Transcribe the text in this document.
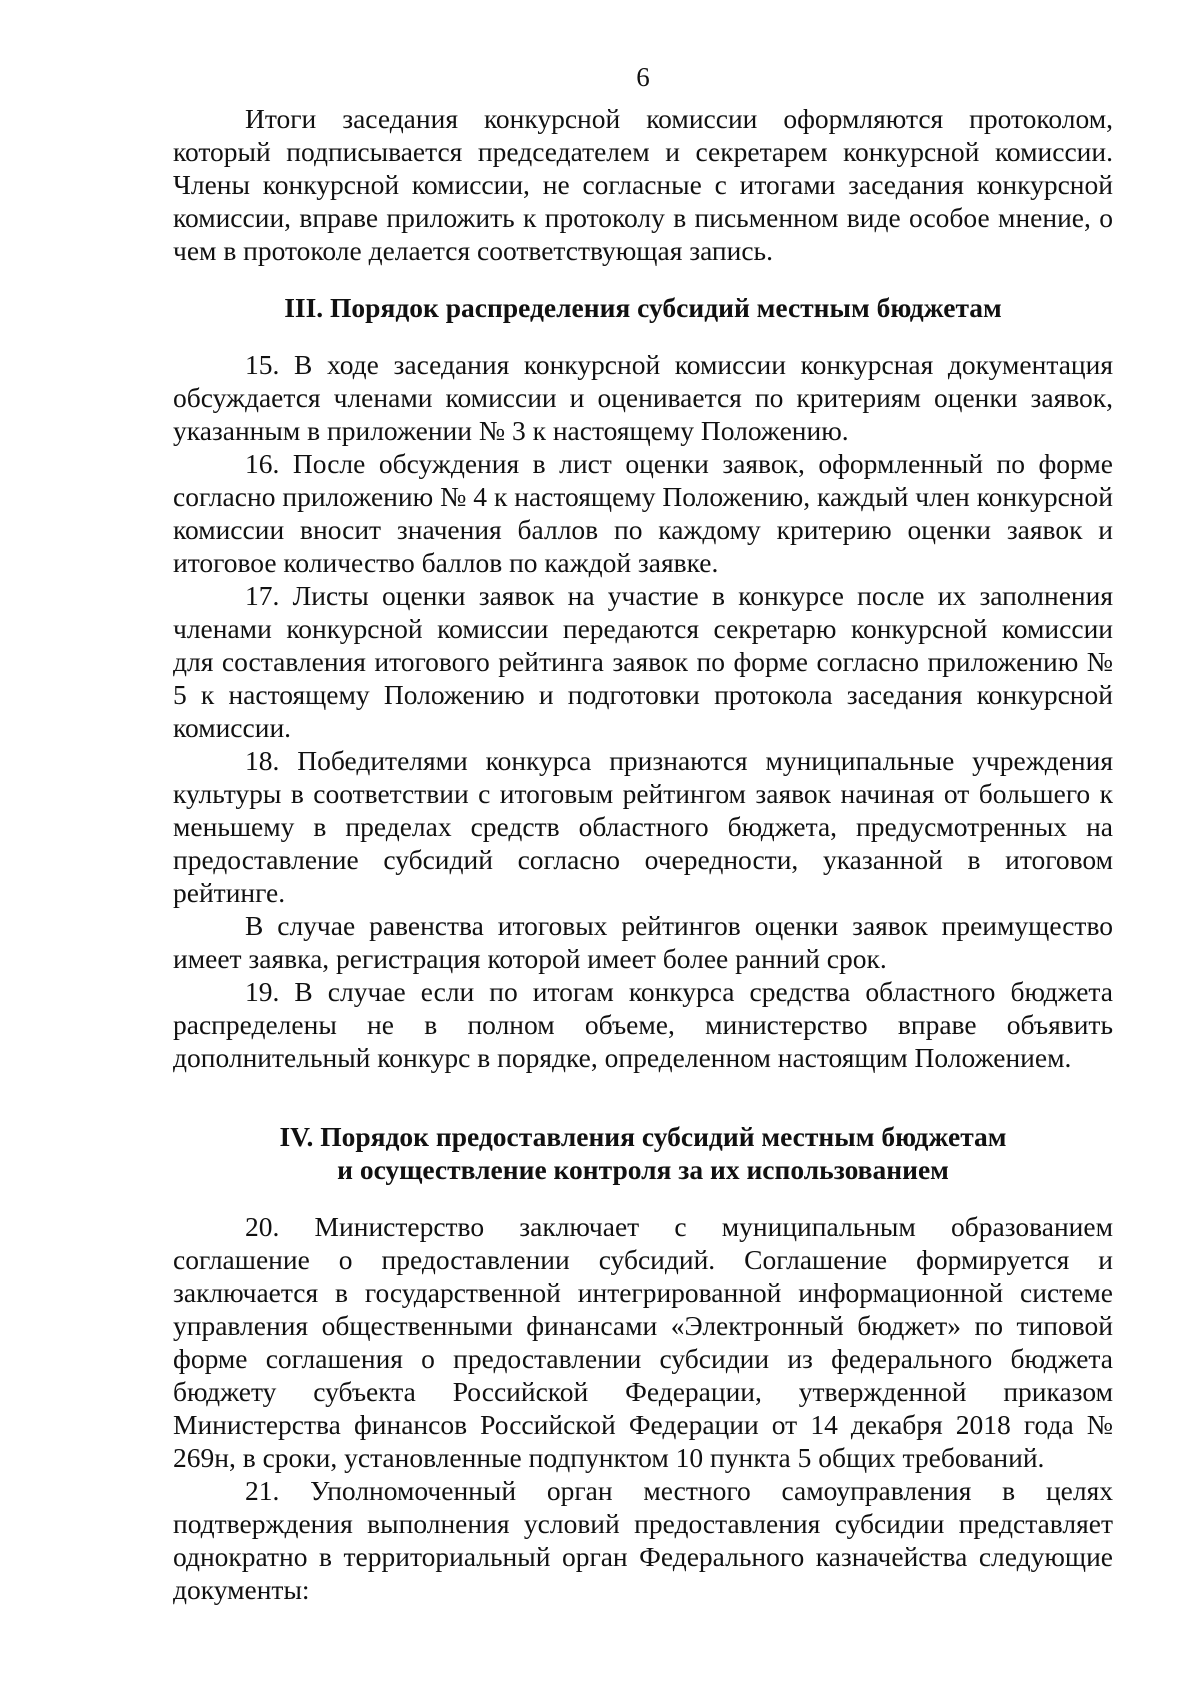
6

Итоги заседания конкурсной комиссии оформляются протоколом, который подписывается председателем и секретарем конкурсной комиссии. Члены конкурсной комиссии, не согласные с итогами заседания конкурсной комиссии, вправе приложить к протоколу в письменном виде особое мнение, о чем в протоколе делается соответствующая запись.

III. Порядок распределения субсидий местным бюджетам

15. В ходе заседания конкурсной комиссии конкурсная документация обсуждается членами комиссии и оценивается по критериям оценки заявок, указанным в приложении № 3 к настоящему Положению.

16. После обсуждения в лист оценки заявок, оформленный по форме согласно приложению № 4 к настоящему Положению, каждый член конкурсной комиссии вносит значения баллов по каждому критерию оценки заявок и итоговое количество баллов по каждой заявке.

17. Листы оценки заявок на участие в конкурсе после их заполнения членами конкурсной комиссии передаются секретарю конкурсной комиссии для составления итогового рейтинга заявок по форме согласно приложению № 5 к настоящему Положению и подготовки протокола заседания конкурсной комиссии.

18. Победителями конкурса признаются муниципальные учреждения культуры в соответствии с итоговым рейтингом заявок начиная от большего к меньшему в пределах средств областного бюджета, предусмотренных на предоставление субсидий согласно очередности, указанной в итоговом рейтинге.

В случае равенства итоговых рейтингов оценки заявок преимущество имеет заявка, регистрация которой имеет более ранний срок.

19. В случае если по итогам конкурса средства областного бюджета распределены не в полном объеме, министерство вправе объявить дополнительный конкурс в порядке, определенном настоящим Положением.

IV. Порядок предоставления субсидий местным бюджетам
и осуществление контроля за их использованием

20. Министерство заключает с муниципальным образованием соглашение о предоставлении субсидий. Соглашение формируется и заключается в государственной интегрированной информационной системе управления общественными финансами «Электронный бюджет» по типовой форме соглашения о предоставлении субсидии из федерального бюджета бюджету субъекта Российской Федерации, утвержденной приказом Министерства финансов Российской Федерации от 14 декабря 2018 года № 269н, в сроки, установленные подпунктом 10 пункта 5 общих требований.

21. Уполномоченный орган местного самоуправления в целях подтверждения выполнения условий предоставления субсидии представляет однократно в территориальный орган Федерального казначейства следующие документы:
